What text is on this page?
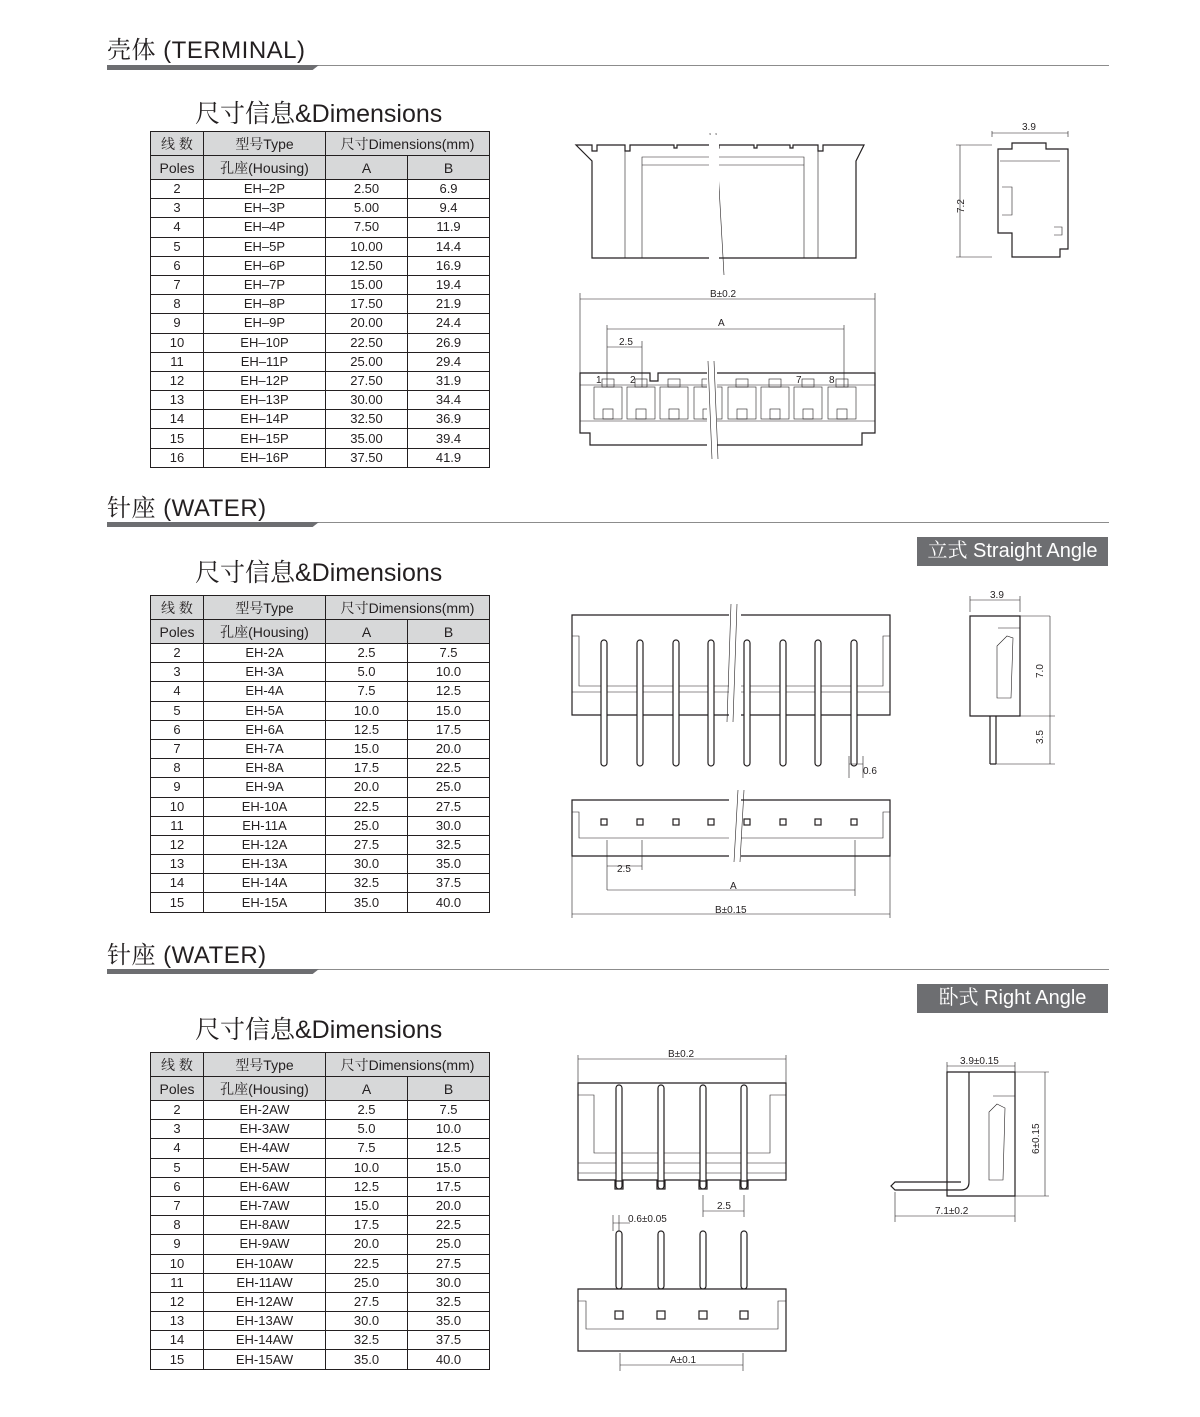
壳体 (TERMINAL)
尺寸信息&Dimensions
线 数	型号Type	尺寸Dimensions(mm)	
Poles	孔座(Housing)	A	B
2	EH–2P	2.50	6.9
3	EH–3P	5.00	9.4
4	EH–4P	7.50	11.9
5	EH–5P	10.00	14.4
6	EH–6P	12.50	16.9
7	EH–7P	15.00	19.4
8	EH–8P	17.50	21.9
9	EH–9P	20.00	24.4
10	EH–10P	22.50	26.9
11	EH–11P	25.00	29.4
12	EH–12P	27.50	31.9
13	EH–13P	30.00	34.4
14	EH–14P	32.50	36.9
15	EH–15P	35.00	39.4
16	EH–16P	37.50	41.9
3.9
7.2
B±0.2
A
2.5
1	2	7	8
针座 (WATER)
立式 Straight Angle
尺寸信息&Dimensions
线 数	型号Type	尺寸Dimensions(mm)	
Poles	孔座(Housing)	A	B
2	EH-2A	2.5	7.5
3	EH-3A	5.0	10.0
4	EH-4A	7.5	12.5
5	EH-5A	10.0	15.0
6	EH-6A	12.5	17.5
7	EH-7A	15.0	20.0
8	EH-8A	17.5	22.5
9	EH-9A	20.0	25.0
10	EH-10A	22.5	27.5
11	EH-11A	25.0	30.0
12	EH-12A	27.5	32.5
13	EH-13A	30.0	35.0
14	EH-14A	32.5	37.5
15	EH-15A	35.0	40.0
0.6
2.5
A
B±0.15
3.9
7.0
3.5
针座 (WATER)
卧式 Right Angle
尺寸信息&Dimensions
线 数	型号Type	尺寸Dimensions(mm)	
Poles	孔座(Housing)	A	B
2	EH-2AW	2.5	7.5
3	EH-3AW	5.0	10.0
4	EH-4AW	7.5	12.5
5	EH-5AW	10.0	15.0
6	EH-6AW	12.5	17.5
7	EH-7AW	15.0	20.0
8	EH-8AW	17.5	22.5
9	EH-9AW	20.0	25.0
10	EH-10AW	22.5	27.5
11	EH-11AW	25.0	30.0
12	EH-12AW	27.5	32.5
13	EH-13AW	30.0	35.0
14	EH-14AW	32.5	37.5
15	EH-15AW	35.0	40.0
B±0.2
2.5
0.6±0.05
A±0.1
3.9±0.15
6±0.15
7.1±0.2
